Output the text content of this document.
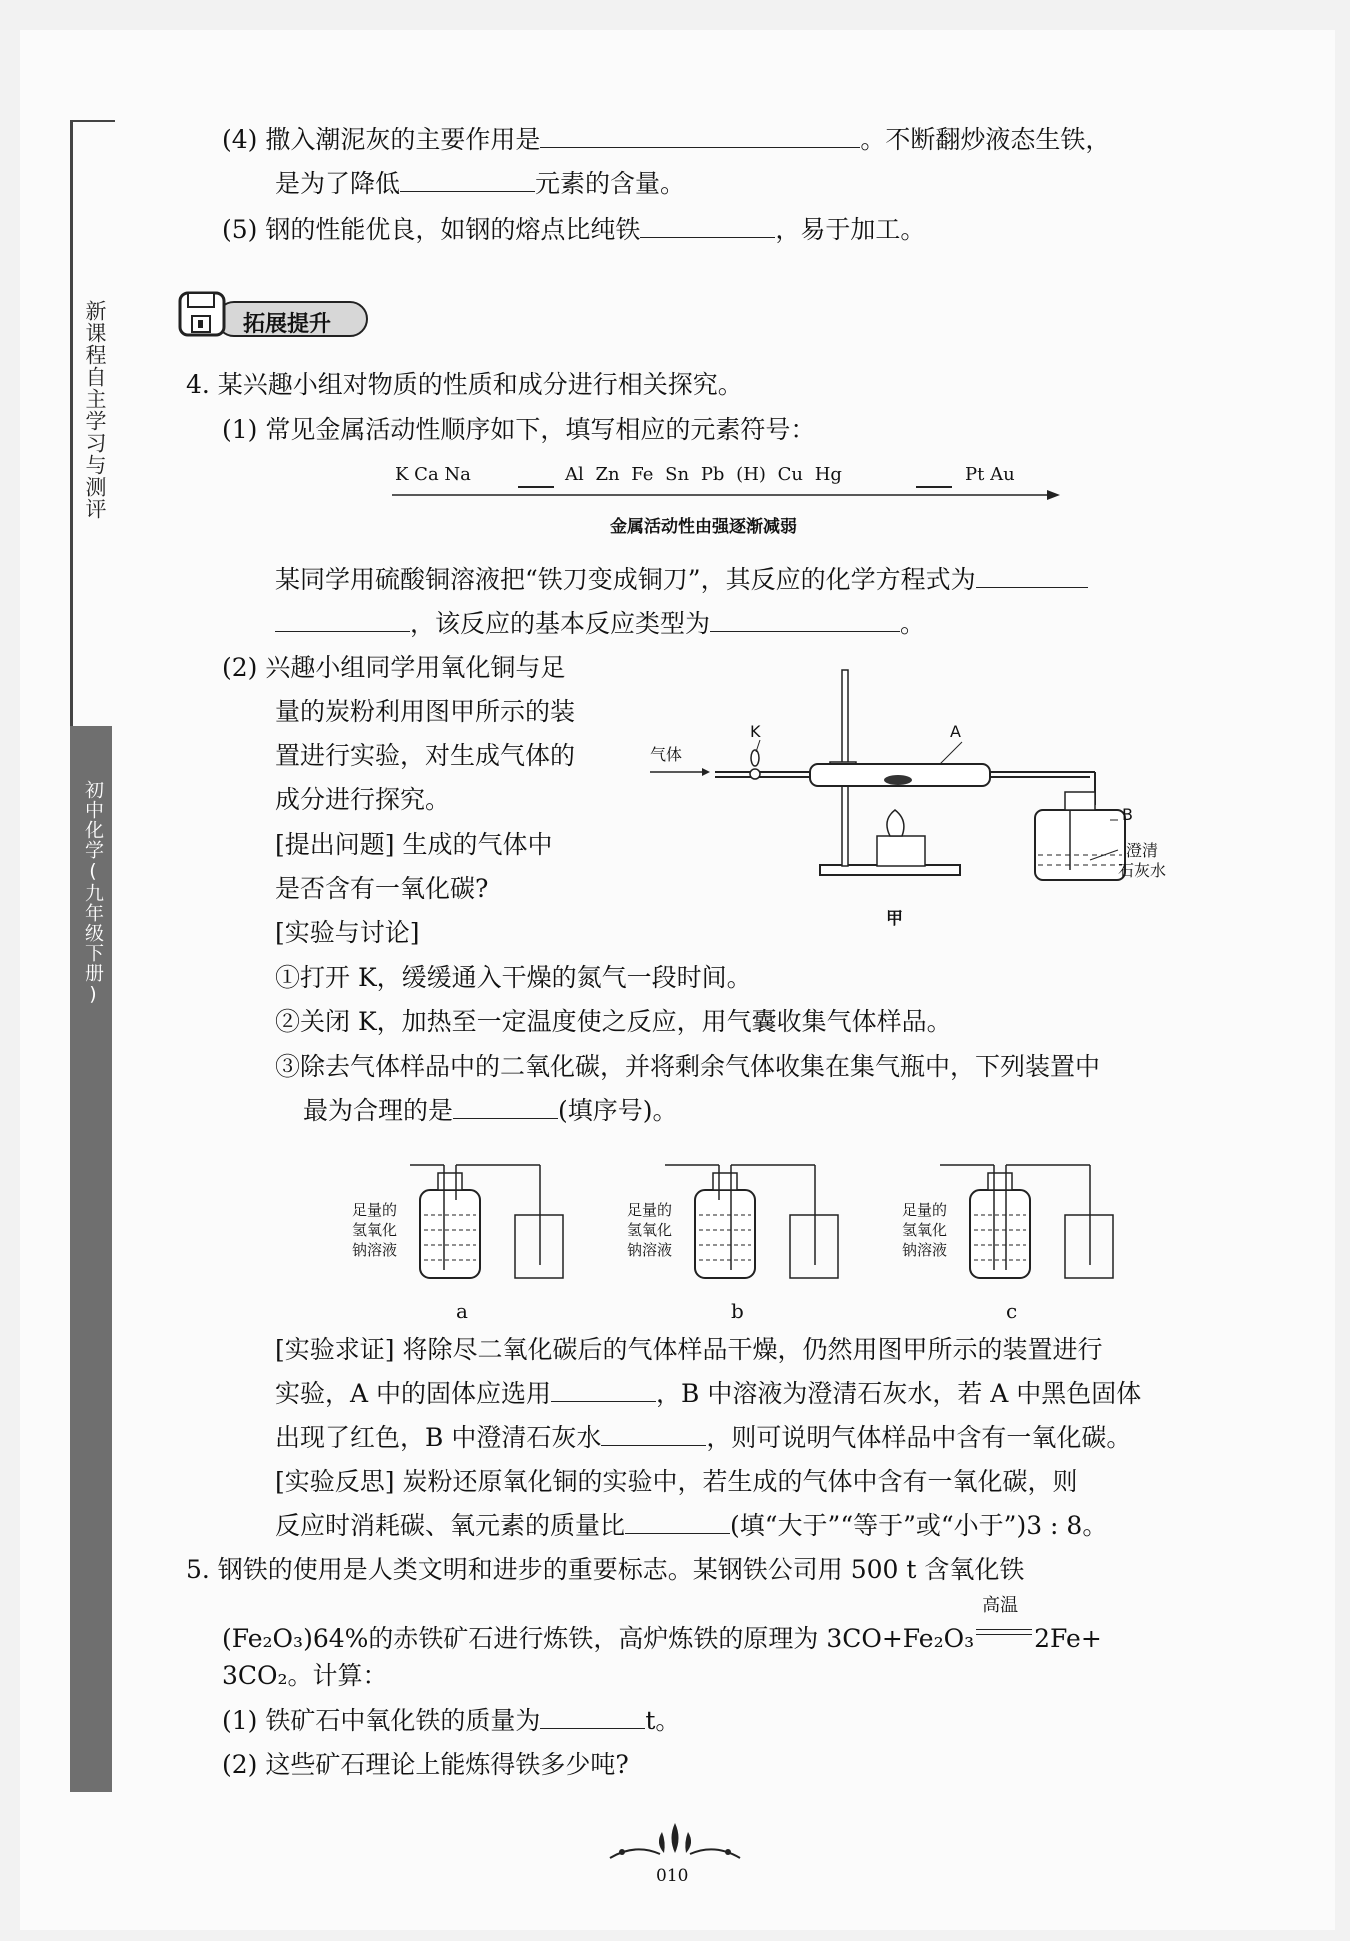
新课程自主学习与测评
初中化学(九年级下册)
(4) 撒入潮泥灰的主要作用是	。不断翻炒液态生铁，
是为了降低	元素的含量。
(5) 钢的性能优良，如钢的熔点比纯铁	，易于加工。
拓展提升
4. 某兴趣小组对物质的性质和成分进行相关探究。
(1) 常见金属活动性顺序如下，填写相应的元素符号：
K Ca Na	Al Zn Fe Sn Pb (H) Cu Hg	Pt Au
金属活动性由强逐渐减弱
某同学用硫酸铜溶液把“铁刀变成铜刀”，其反应的化学方程式为
，该反应的基本反应类型为	。
(2) 兴趣小组同学用氧化铜与足
量的炭粉利用图甲所示的装
置进行实验，对生成气体的
成分进行探究。
[提出问题] 生成的气体中
是否含有一氧化碳?
[实验与讨论]
气体
K	A
B
澄清
石灰水
甲
①打开 K，缓缓通入干燥的氮气一段时间。
②关闭 K，加热至一定温度使之反应，用气囊收集气体样品。
③除去气体样品中的二氧化碳，并将剩余气体收集在集气瓶中，下列装置中
最为合理的是	(填序号)。
足量的
氢氧化
钠溶液
足量的
氢氧化
钠溶液
足量的
氢氧化
钠溶液
a	b	c
[实验求证] 将除尽二氧化碳后的气体样品干燥，仍然用图甲所示的装置进行
实验，A 中的固体应选用	，B 中溶液为澄清石灰水，若 A 中黑色固体
出现了红色，B 中澄清石灰水	，则可说明气体样品中含有一氧化碳。
[实验反思] 炭粉还原氧化铜的实验中，若生成的气体中含有一氧化碳，则
反应时消耗碳、氧元素的质量比	(填“大于”“等于”或“小于”)3 : 8。
5. 钢铁的使用是人类文明和进步的重要标志。某钢铁公司用 500 t 含氧化铁
(Fe₂O₃)64%的赤铁矿石进行炼铁，高炉炼铁的原理为 3CO+Fe₂O₃
高温
2Fe+
3CO₂。计算：
(1) 铁矿石中氧化铁的质量为	t。
(2) 这些矿石理论上能炼得铁多少吨?
010
